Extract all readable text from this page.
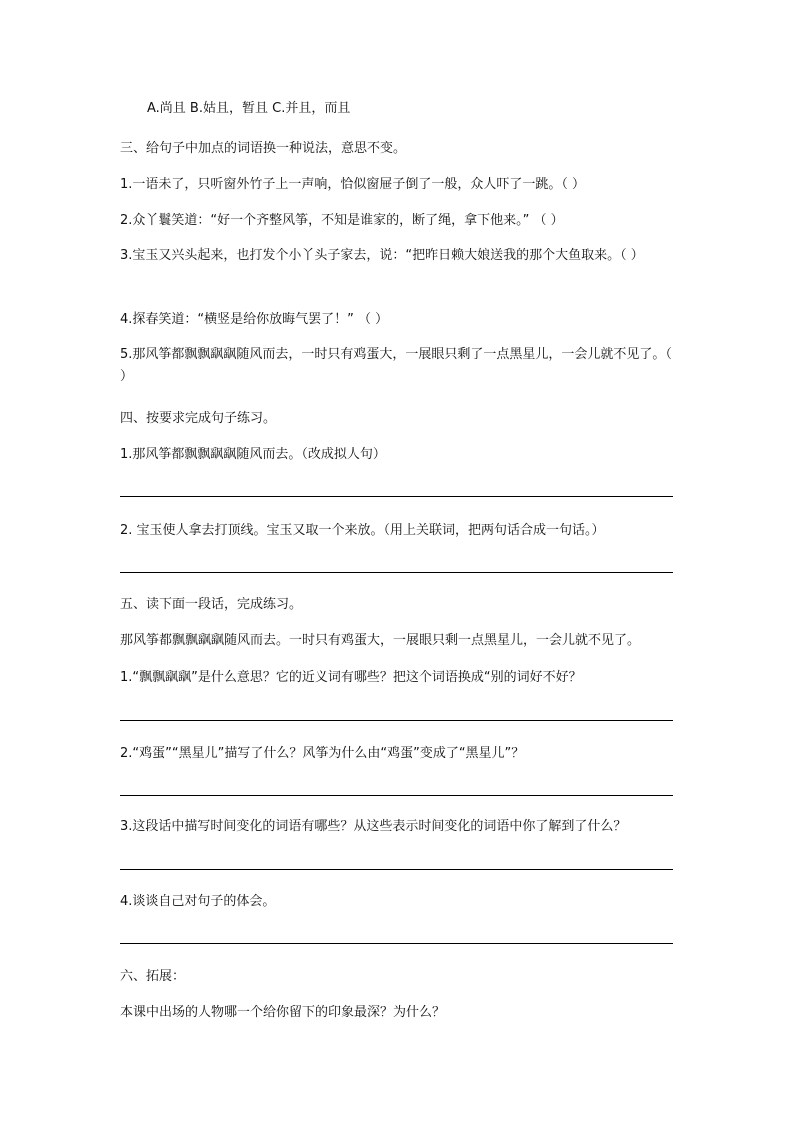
A.尚且 B.姑且，暂且 C.并且，而且
三、给句子中加点的词语换一种说法，意思不变。
1.一语未了，只听窗外竹子上一声响，恰似窗屉子倒了一般，众人吓了一跳。（ ）
2.众丫鬟笑道：“好一个齐整风筝，不知是谁家的，断了绳，拿下他来。” （ ）
3.宝玉又兴头起来，也打发个小丫头子家去，说：“把昨日赖大娘送我的那个大鱼取来。（ ）
4.探春笑道：“横竖是给你放晦气罢了！” （ ）
5.那风筝都飘飘飖飖随风而去，一时只有鸡蛋大，一展眼只剩了一点黑星儿，一会儿就不见了。（ ）
四、按要求完成句子练习。
1.那风筝都飘飘飖飖随风而去。（改成拟人句）
2. 宝玉使人拿去打顶线。宝玉又取一个来放。（用上关联词，把两句话合成一句话。）
五、读下面一段话，完成练习。
那风筝都飘飘飖飖随风而去。一时只有鸡蛋大，一展眼只剩一点黑星儿，一会儿就不见了。
1.“飘飘飖飖”是什么意思？它的近义词有哪些？把这个词语换成“别的词好不好？
2.“鸡蛋”“黑星儿”描写了什么？风筝为什么由“鸡蛋”变成了“黑星儿”？
3.这段话中描写时间变化的词语有哪些？从这些表示时间变化的词语中你了解到了什么？
4.谈谈自己对句子的体会。
六、拓展：
本课中出场的人物哪一个给你留下的印象最深？为什么？
